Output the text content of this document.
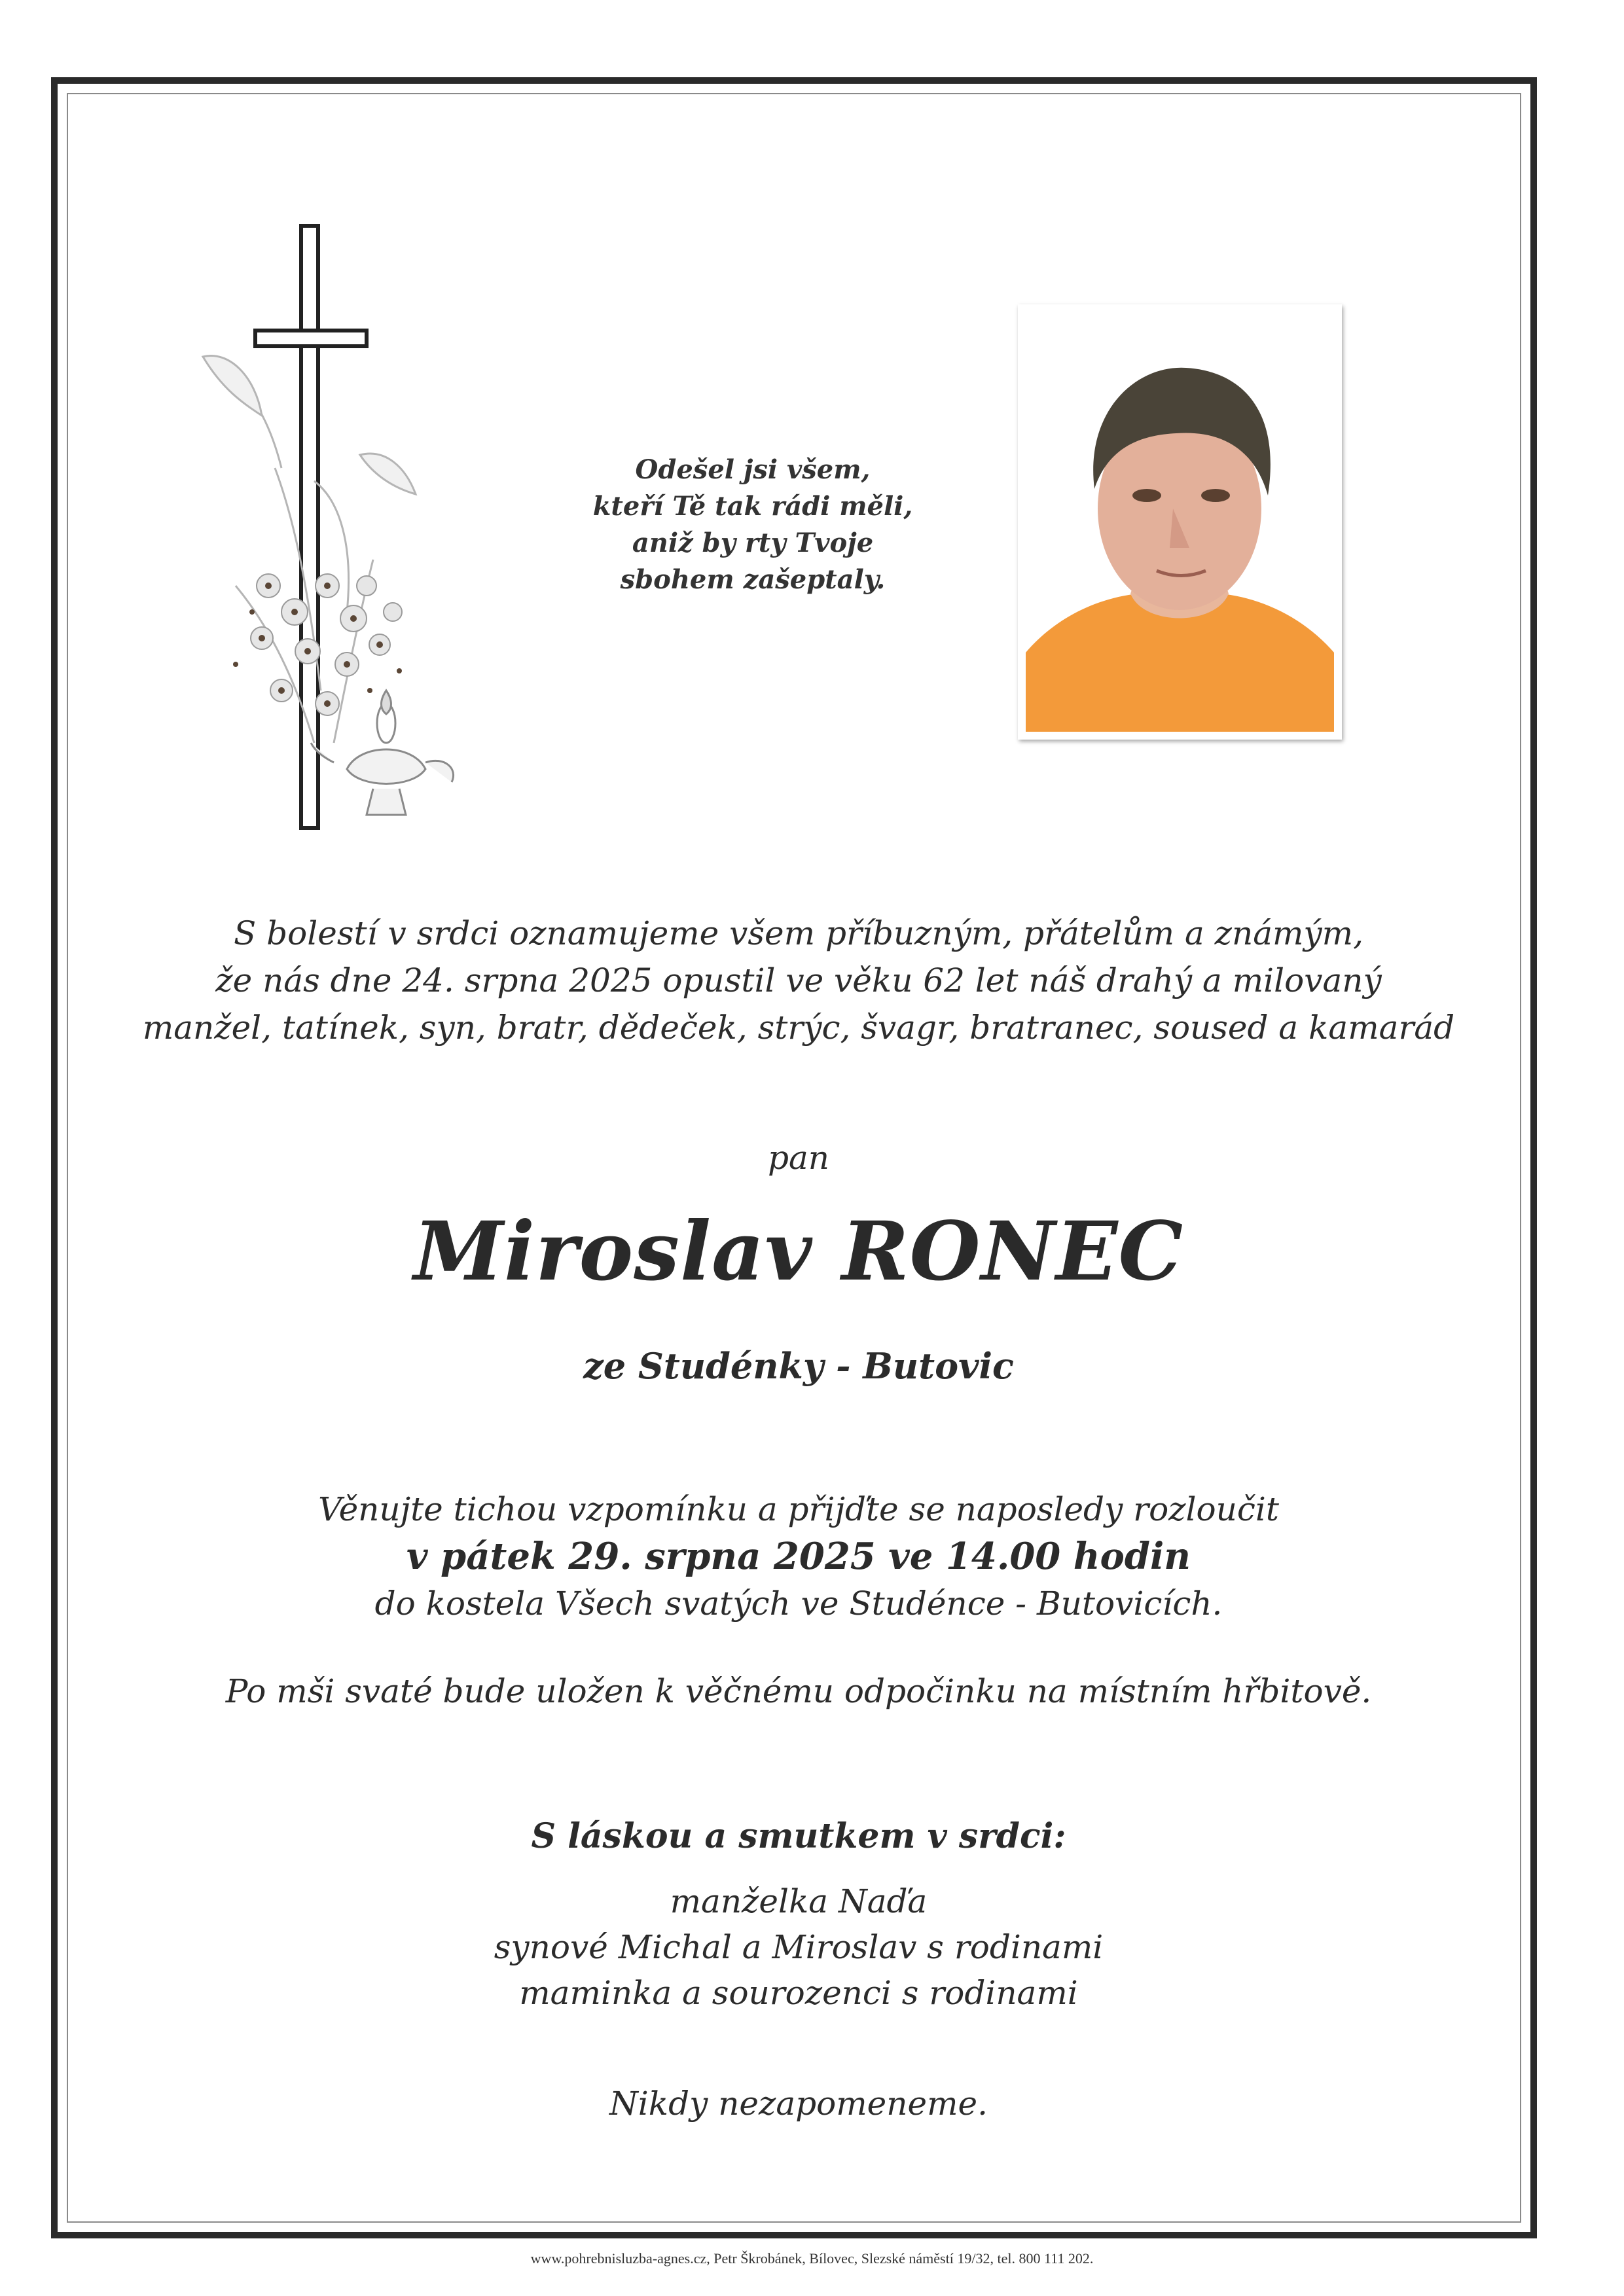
Odešel jsi všem,
kteří Tě tak rádi měli,
aniž by rty Tvoje
sbohem zašeptaly.
S bolestí v srdci oznamujeme všem příbuzným, přátelům a známým,
že nás dne 24. srpna 2025 opustil ve věku 62 let náš drahý a milovaný
manžel, tatínek, syn, bratr, dědeček, strýc, švagr, bratranec, soused a kamarád
pan
Miroslav RONEC
ze Studénky - Butovic
Věnujte tichou vzpomínku a přijďte se naposledy rozloučit
v pátek 29. srpna 2025 ve 14.00 hodin
do kostela Všech svatých ve Studénce - Butovicích.
Po mši svaté bude uložen k věčnému odpočinku na místním hřbitově.
S láskou a smutkem v srdci:
manželka Naďa
synové Michal a Miroslav s rodinami
maminka a sourozenci s rodinami
Nikdy nezapomeneme.
www.pohrebnisluzba-agnes.cz, Petr Škrobánek, Bílovec, Slezské náměstí 19/32, tel. 800 111 202.
